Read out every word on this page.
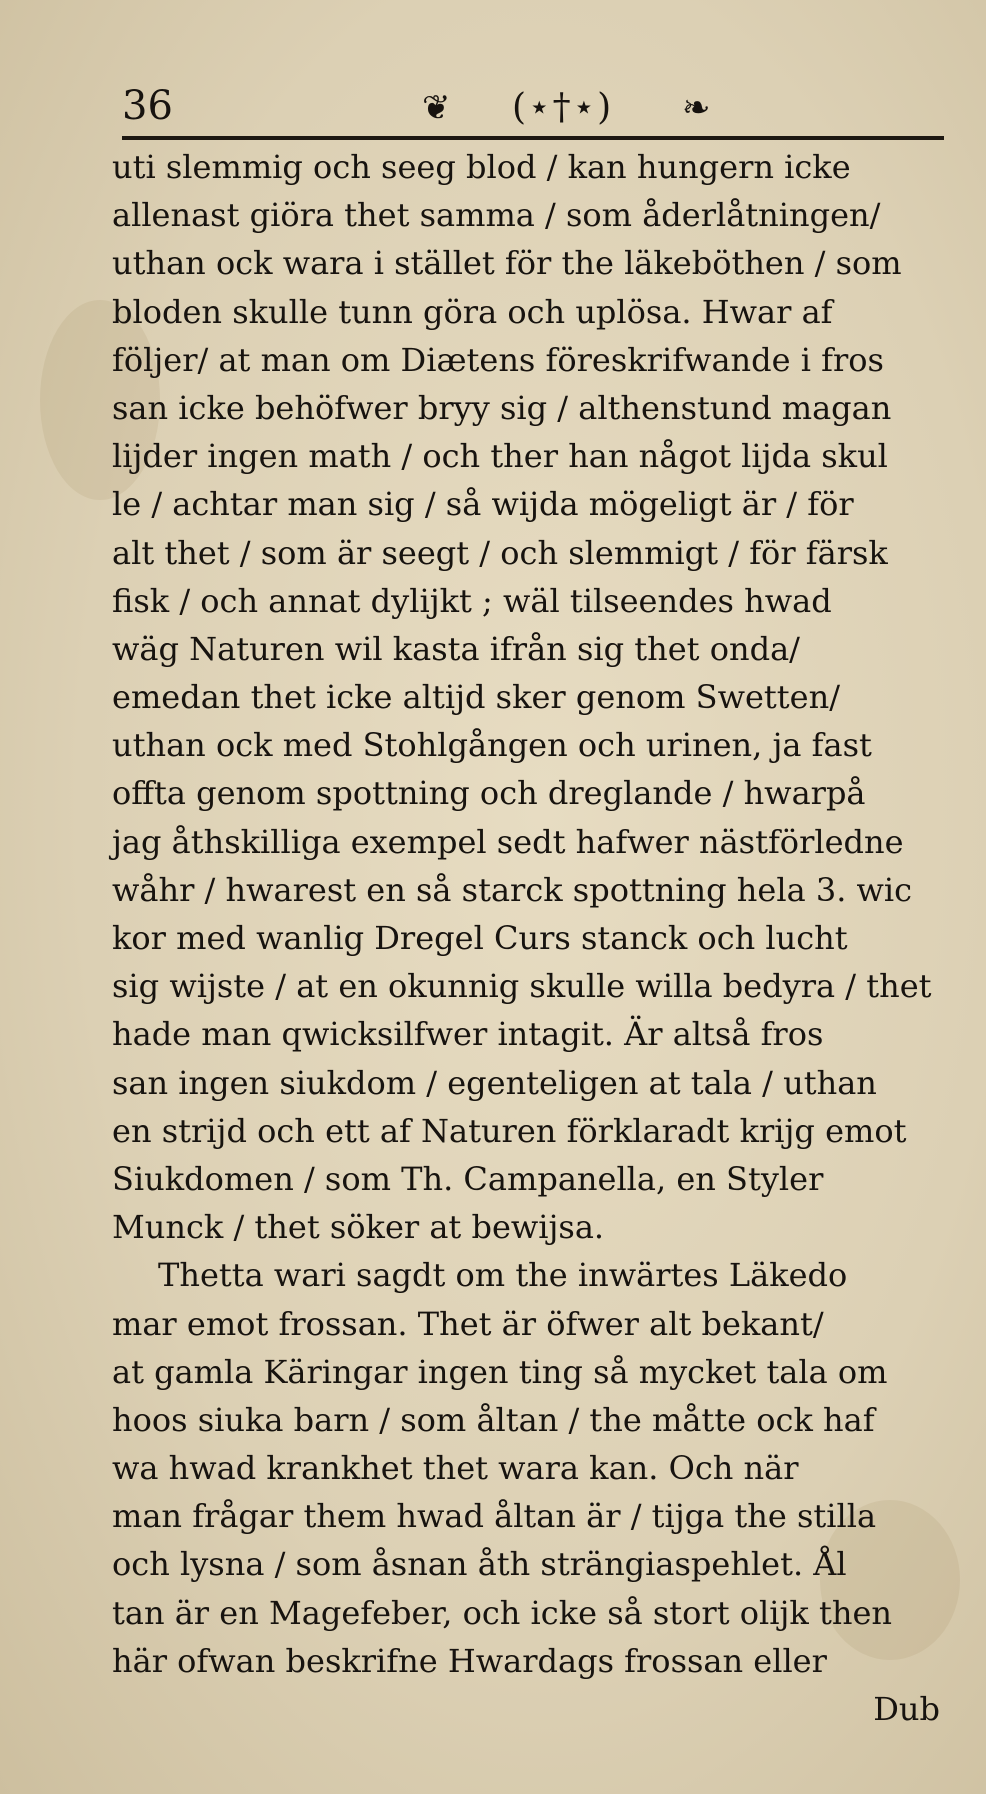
36	❦ (⋆†⋆) ❧
uti slemmig och seeg blod / kan hungern icke
allenast giöra thet samma / som åderlåtningen/
uthan ock wara i stället för the läkeböthen / som
bloden skulle tunn göra och uplösa. Hwar af
följer/ at man om Diætens föreskrifwande i fros
san icke behöfwer bryy sig / althenstund magan
lijder ingen math / och ther han något lijda skul
le / achtar man sig / så wijda mögeligt är / för
alt thet / som är seegt / och slemmigt / för färsk
fisk / och annat dylijkt ; wäl tilseendes hwad
wäg Naturen wil kasta ifrån sig thet onda/
emedan thet icke altijd sker genom Swetten/
uthan ock med Stohlgången och urinen, ja fast
offta genom spottning och dreglande / hwarpå
jag åthskilliga exempel sedt hafwer nästförledne
wåhr / hwarest en så starck spottning hela 3. wic
kor med wanlig Dregel Curs stanck och lucht
sig wijste / at en okunnig skulle willa bedyra / thet
hade man qwicksilfwer intagit. Är altså fros
san ingen siukdom / egenteligen at tala / uthan
en strijd och ett af Naturen förklaradt krijg emot
Siukdomen / som Th. Campanella, en Styler
Munck / thet söker at bewijsa.
Thetta wari sagdt om the inwärtes Läkedo
mar emot frossan. Thet är öfwer alt bekant/
at gamla Käringar ingen ting så mycket tala om
hoos siuka barn / som åltan / the måtte ock haf
wa hwad krankhet thet wara kan. Och när
man frågar them hwad åltan är / tijga the stilla
och lysna / som åsnan åth strängiaspehlet. Ål
tan är en Magefeber, och icke så stort olijk then
här ofwan beskrifne Hwardags frossan eller
Dub
